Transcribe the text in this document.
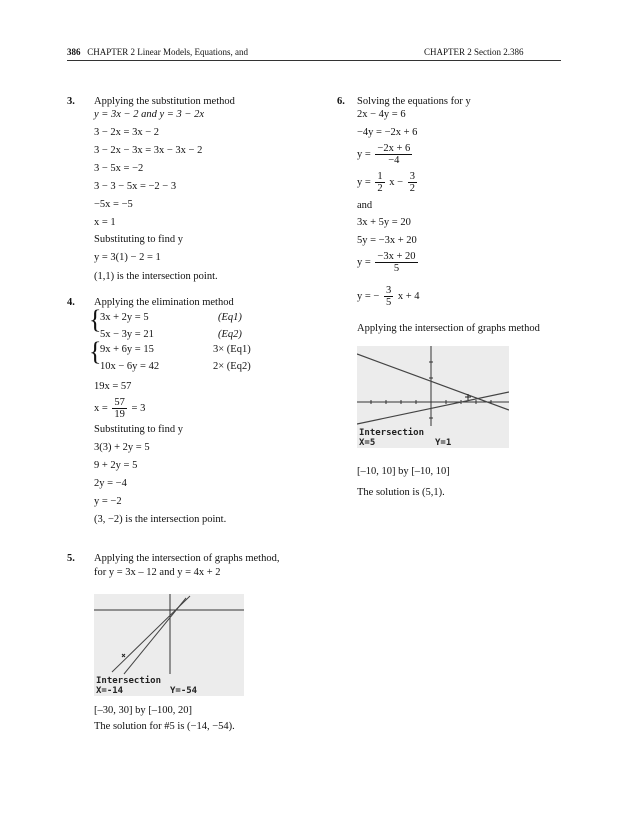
386 CHAPTER 2 Linear Models, Equations, and	CHAPTER 2 Section 2.386
3. Applying the substitution method
y = 3x − 2 and y = 3 − 2x
3 − 2x = 3x − 2
3 − 2x − 3x = 3x − 3x − 2
3 − 5x = −2
3 − 3 − 5x = −2 − 3
−5x = −5
x = 1
Substituting to find y
y = 3(1) − 2 = 1
(1,1) is the intersection point.
4. Applying the elimination method
{
3x + 2y = 5	(Eq1)
5x − 3y = 21	(Eq2)
{
9x + 6y = 15	3× (Eq1)
10x − 6y = 42	2× (Eq2)
19x = 57
$x = \frac{57}{19} = 3$
Substituting to find y
3(3) + 2y = 5
9 + 2y = 5
2y = −4
y = −2
(3, −2) is the intersection point.
5. Applying the intersection of graphs method,
for y = 3x – 12 and y = 4x + 2
Intersection
X=-14	Y=-54
[–30, 30] by [–100, 20]
The solution for #5 is (−14, −54).
6. Solving the equations for y
2x − 4y = 6
−4y = −2x + 6
$y = \frac{-2x + 6}{-4}$
$y = \frac{1}{2}$ $x - \frac{3}{2}$
and
3x + 5y = 20
5y = −3x + 20
$y = \frac{-3x + 20}{5}$
y = − $\frac{3}{5}$ x + 4
Applying the intersection of graphs method
Intersection
X=5	Y=1
[–10, 10] by [–10, 10]
The solution is (5,1).
